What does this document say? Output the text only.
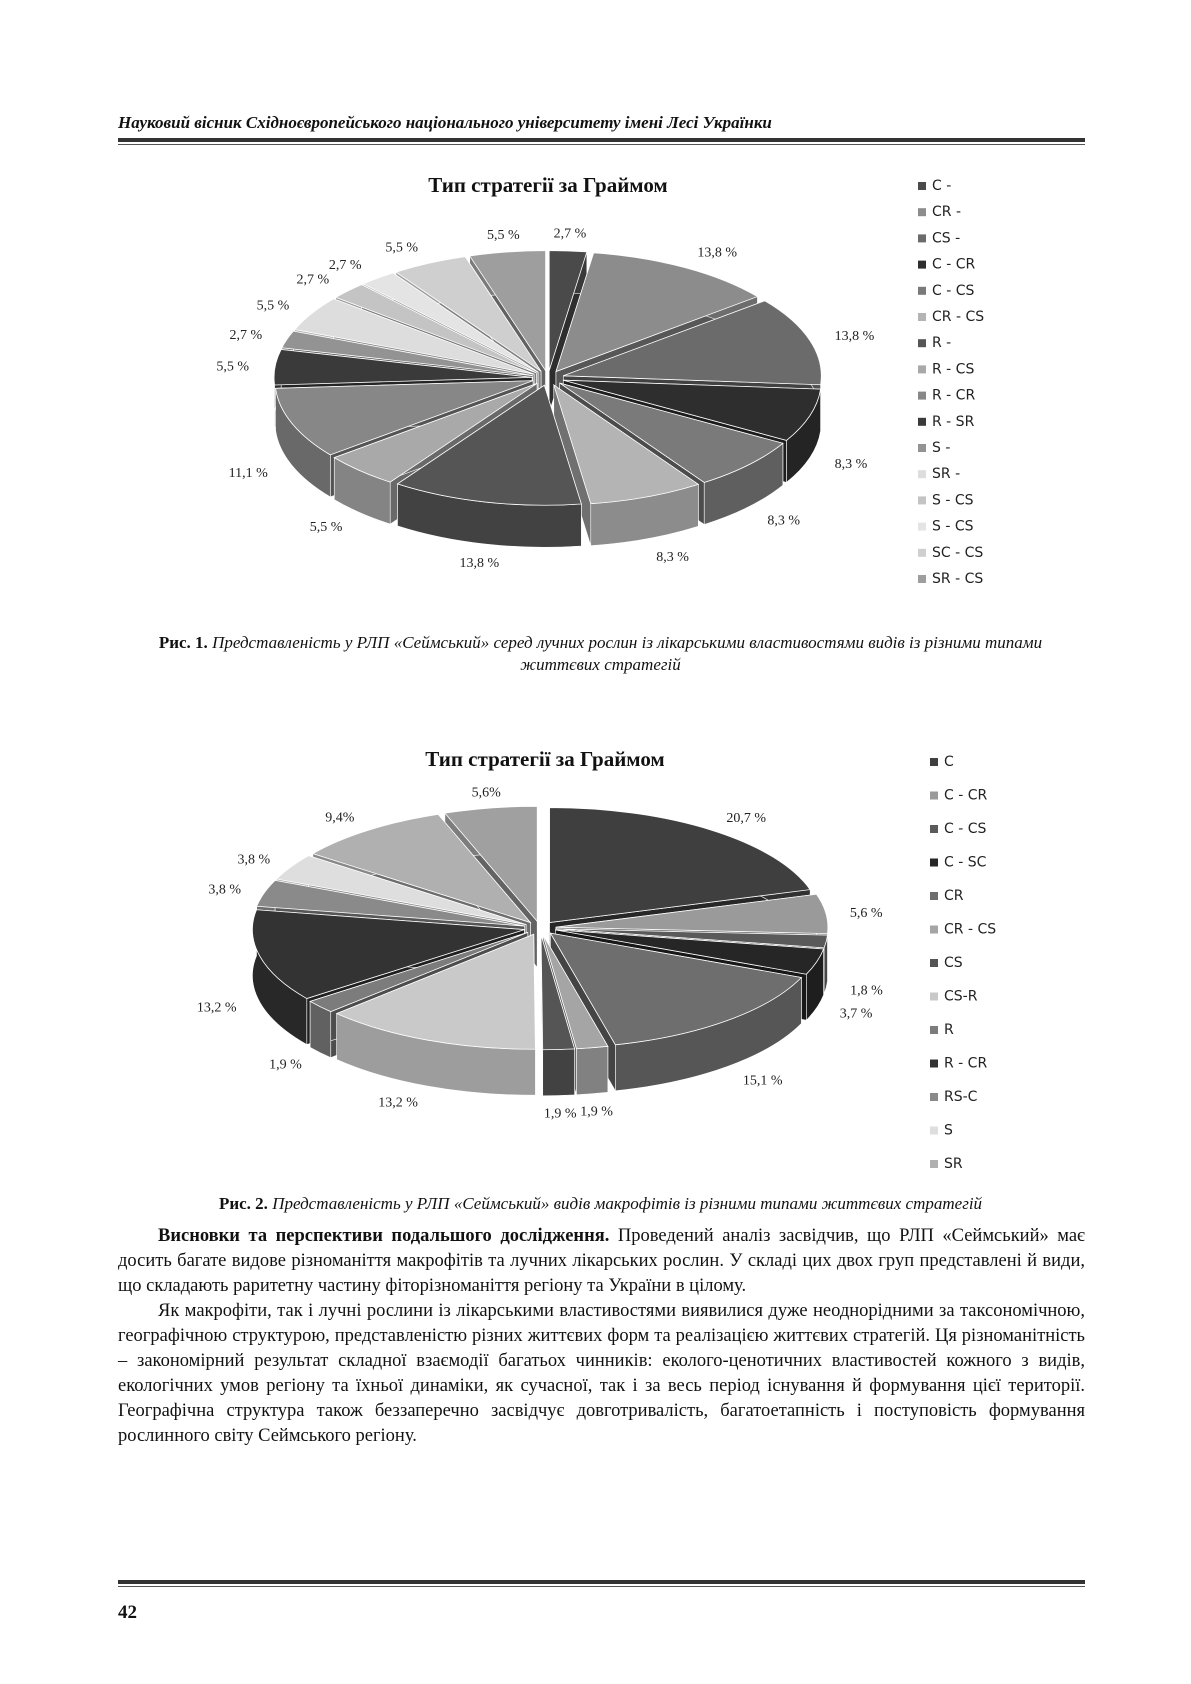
Науковий вісник Східноєвропейського національного університету імені Лесі Українки
Тип стратегії за Граймом
2,7 %
13,8 %
13,8 %
8,3 %
8,3 %
8,3 %
13,8 %
5,5 %
11,1 %
5,5 %
2,7 %
5,5 %
2,7 %
2,7 %
5,5 %
5,5 %
C -
CR -
CS -
C - CR
C - CS
CR - CS
R -
R - CS
R - CR
R - SR
S -
SR -
S - CS
S - CS
SC - CS
SR - CS
Рис. 1. Представленість у РЛП «Сеймський» серед лучних рослин із лікарськими властивостями видів із різними типами життєвих стратегій
Тип стратегії за Граймом
20,7 %
5,6 %
1,8 %
3,7 %
15,1 %
1,9 %
1,9 %
13,2 %
1,9 %
13,2 %
3,8 %
3,8 %
9,4%
5,6%
C
C - CR
C - CS
C - SC
CR
CR - CS
CS
CS-R
R
R - CR
RS-C
S
SR
Рис. 2. Представленість у РЛП «Сеймський» видів макрофітів із різними типами життєвих стратегій

Висновки та перспективи подальшого дослідження. Проведений аналіз засвідчив, що РЛП «Сеймський» має досить багате видове різноманіття макрофітів та лучних лікарських рослин. У складі цих двох груп представлені й види, що складають раритетну частину фіторізноманіття регіону та України в цілому.

Як макрофіти, так і лучні рослини із лікарськими властивостями виявилися дуже неоднорідними за таксономічною, географічною структурою, представленістю різних життєвих форм та реалізацією життєвих стратегій. Ця різноманітність – закономірний результат складної взаємодії багатьох чинників: еколого-ценотичних властивостей кожного з видів, екологічних умов регіону та їхньої динаміки, як сучасної, так і за весь період існування й формування цієї території. Географічна структура також беззаперечно засвідчує довготривалість, багатоетапність і поступовість формування рослинного світу Сеймського регіону.

42
